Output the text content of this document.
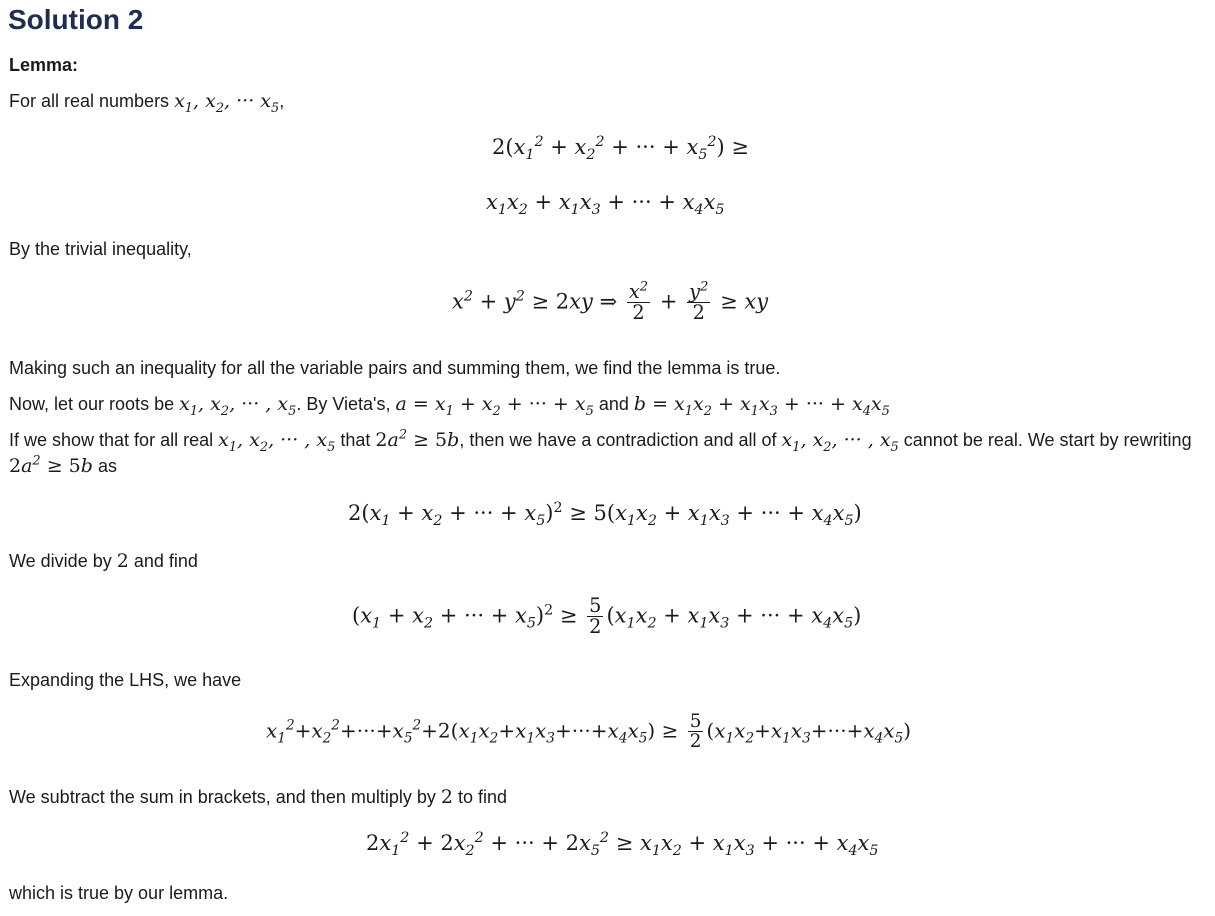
Solution 2

Lemma:

For all real numbers $x_1$, $x_2$, ··· $x_5$,

$2(x_1^2 + x_2^2$ + ··· + $x_5^2$) ≥
$x_1x_2 + x_1x_3$ + ··· + $x_4x_5$

By the trivial inequality,

$x^2 + y^2 \ge 2xy$ ⇒ $\frac{x^2}{2} + \frac{y^2}{2}$ ≥ xy

Making such an inequality for all the variable pairs and summing them, we find the lemma is true.

Now, let our roots be $x_1$, $x_2$, ··· , $x_5$. By Vieta's, $a = x_1 + x_2$ + ··· + $x_5$ and $b = x_1x_2 + x_1x_3$ + ··· + $x_4x_5$

If we show that for all real $x_1$, $x_2$, ··· , $x_5$ that $2a^2 \ge 5b$, then we have a contradiction and all of $x_1$, $x_2$, ··· , $x_5$ cannot be real. We start by rewriting $2a^2 \ge 5b$ as

$2(x_1 + x_2$ + ··· + $x_5)^2 \ge 5(x_1x_2 + x_1x_3$ + ··· + $x_4x_5$)

We divide by 2 and find

($x_1 + x_2$ + ··· + $x_5)^2 \ge \frac{5}{2} (x_1x_2 + x_1x_3$ + ··· + $x_4x_5$)

Expanding the LHS, we have

$x_1^2+x_2^2+\cdot\cdot\cdot+x_5^2+2(x_1x_2+x_1x_3+\cdot\cdot\cdot+x_4x_5) \ge \frac{5}{2} (x_1x_2+x_1x_3+\cdot\cdot\cdot+x_4x_5)$

We subtract the sum in brackets, and then multiply by 2 to find

$2x_1^2 + 2x_2^2$ + ··· + $2x_5^2 \ge x_1x_2 + x_1x_3$ + ··· + $x_4x_5$

which is true by our lemma.
